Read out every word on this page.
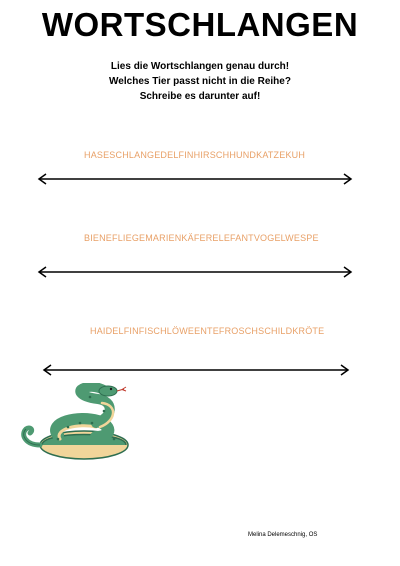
WORTSCHLANGEN
Lies die Wortschlangen genau durch!
Welches Tier passt nicht in die Reihe?
Schreibe es darunter auf!
HASESCHLANGEDELFINHIRSCHHUNDKATZEKUH
BIENEFLIEGEMARIENKÄFERELEFANTVOGELWESPE
HAIDELFINFISCHLÖWEENTEFROSCHSCHILDKRÖTE
Melina Delemeschnig, OS
